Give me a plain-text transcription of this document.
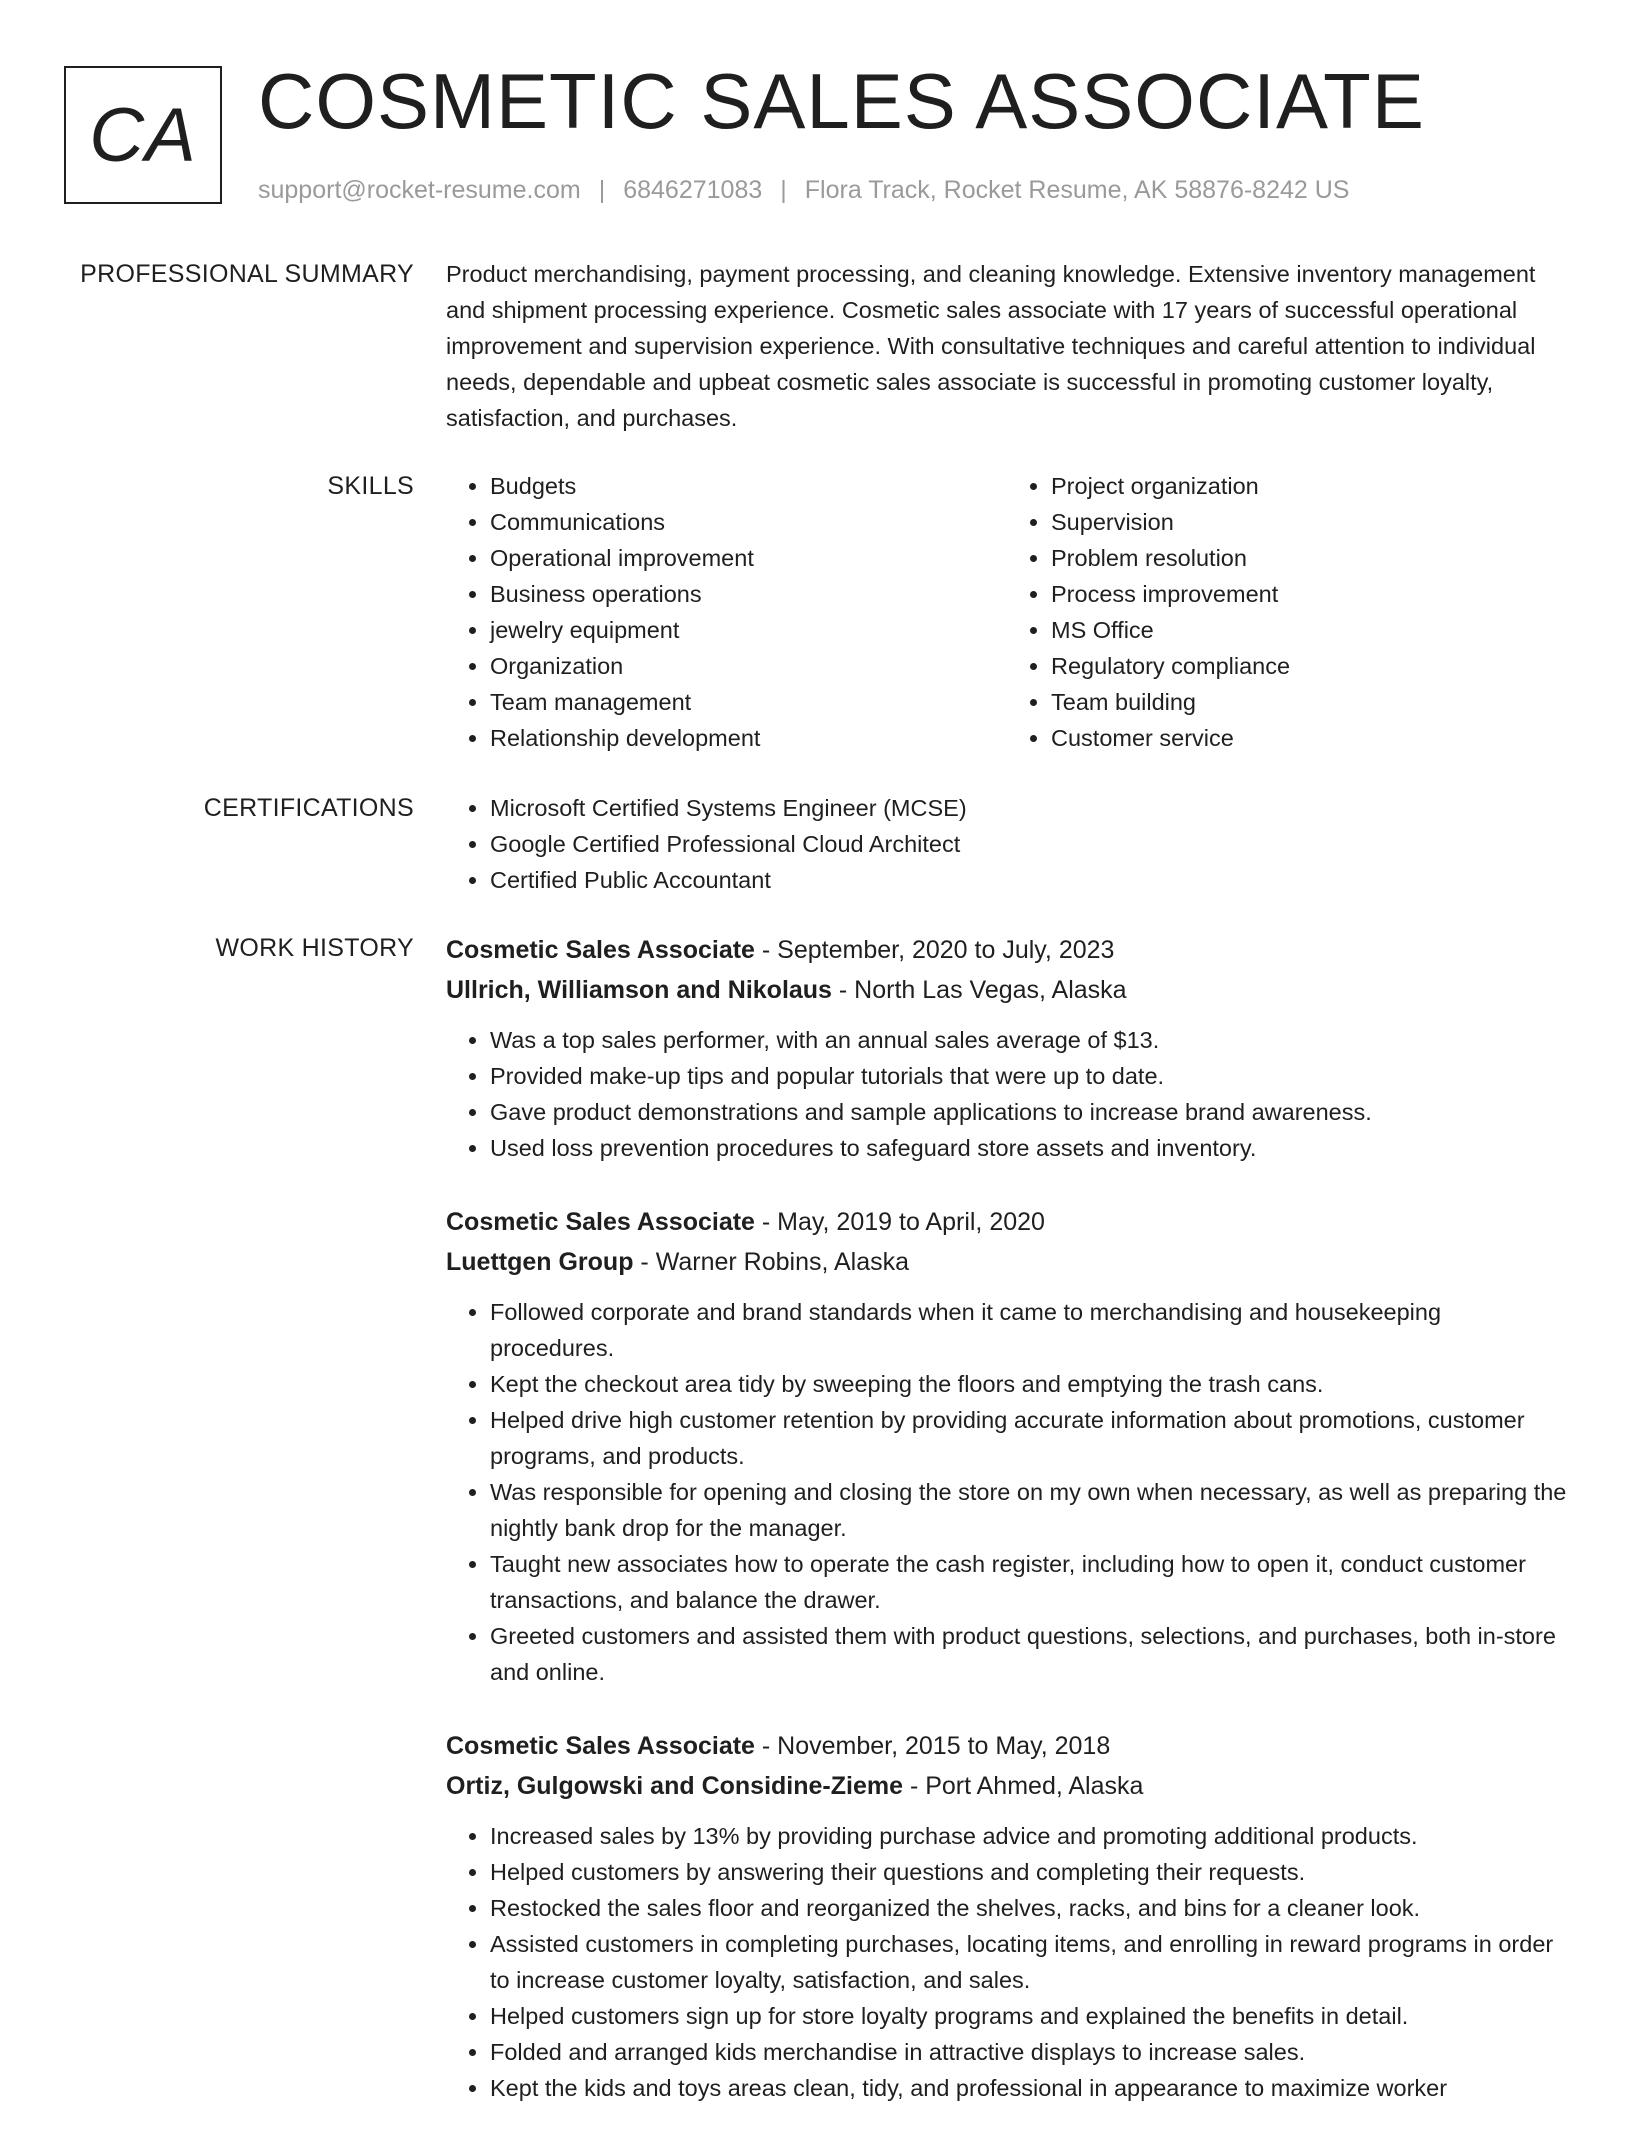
CA COSMETIC SALES ASSOCIATE
support@rocket-resume.com | 6846271083 | Flora Track, Rocket Resume, AK 58876-8242 US
PROFESSIONAL SUMMARY Product merchandising, payment processing, and cleaning knowledge. Extensive inventory management and shipment processing experience. Cosmetic sales associate with 17 years of successful operational improvement and supervision experience. With consultative techniques and careful attention to individual needs, dependable and upbeat cosmetic sales associate is successful in promoting customer loyalty, satisfaction, and purchases.

SKILLS	• Budgets
• Communications
• Operational improvement
• Business operations
• jewelry equipment
• Organization
• Team management
• Relationship development
• Project organization
• Supervision
• Problem resolution
• Process improvement
• MS Office
• Regulatory compliance
• Team building
• Customer service
CERTIFICATIONS	• Microsoft Certified Systems Engineer (MCSE)
• Google Certified Professional Cloud Architect
• Certified Public Accountant
WORK HISTORY Cosmetic Sales Associate - September, 2020 to July, 2023
Ullrich, Williamson and Nikolaus - North Las Vegas, Alaska
• Was a top sales performer, with an annual sales average of $13.
• Provided make-up tips and popular tutorials that were up to date.
• Gave product demonstrations and sample applications to increase brand awareness.
• Used loss prevention procedures to safeguard store assets and inventory.
Cosmetic Sales Associate - May, 2019 to April, 2020
Luettgen Group - Warner Robins, Alaska
• Followed corporate and brand standards when it came to merchandising and housekeeping procedures.
• Kept the checkout area tidy by sweeping the floors and emptying the trash cans.
• Helped drive high customer retention by providing accurate information about promotions, customer programs, and products.
• Was responsible for opening and closing the store on my own when necessary, as well as preparing the nightly bank drop for the manager.
• Taught new associates how to operate the cash register, including how to open it, conduct customer transactions, and balance the drawer.
• Greeted customers and assisted them with product questions, selections, and purchases, both in-store and online.
Cosmetic Sales Associate - November, 2015 to May, 2018
Ortiz, Gulgowski and Considine-Zieme - Port Ahmed, Alaska
• Increased sales by 13% by providing purchase advice and promoting additional products.
• Helped customers by answering their questions and completing their requests.
• Restocked the sales floor and reorganized the shelves, racks, and bins for a cleaner look.
• Assisted customers in completing purchases, locating items, and enrolling in reward programs in order to increase customer loyalty, satisfaction, and sales.
• Helped customers sign up for store loyalty programs and explained the benefits in detail.
• Folded and arranged kids merchandise in attractive displays to increase sales.
• Kept the kids and toys areas clean, tidy, and professional in appearance to maximize worker
